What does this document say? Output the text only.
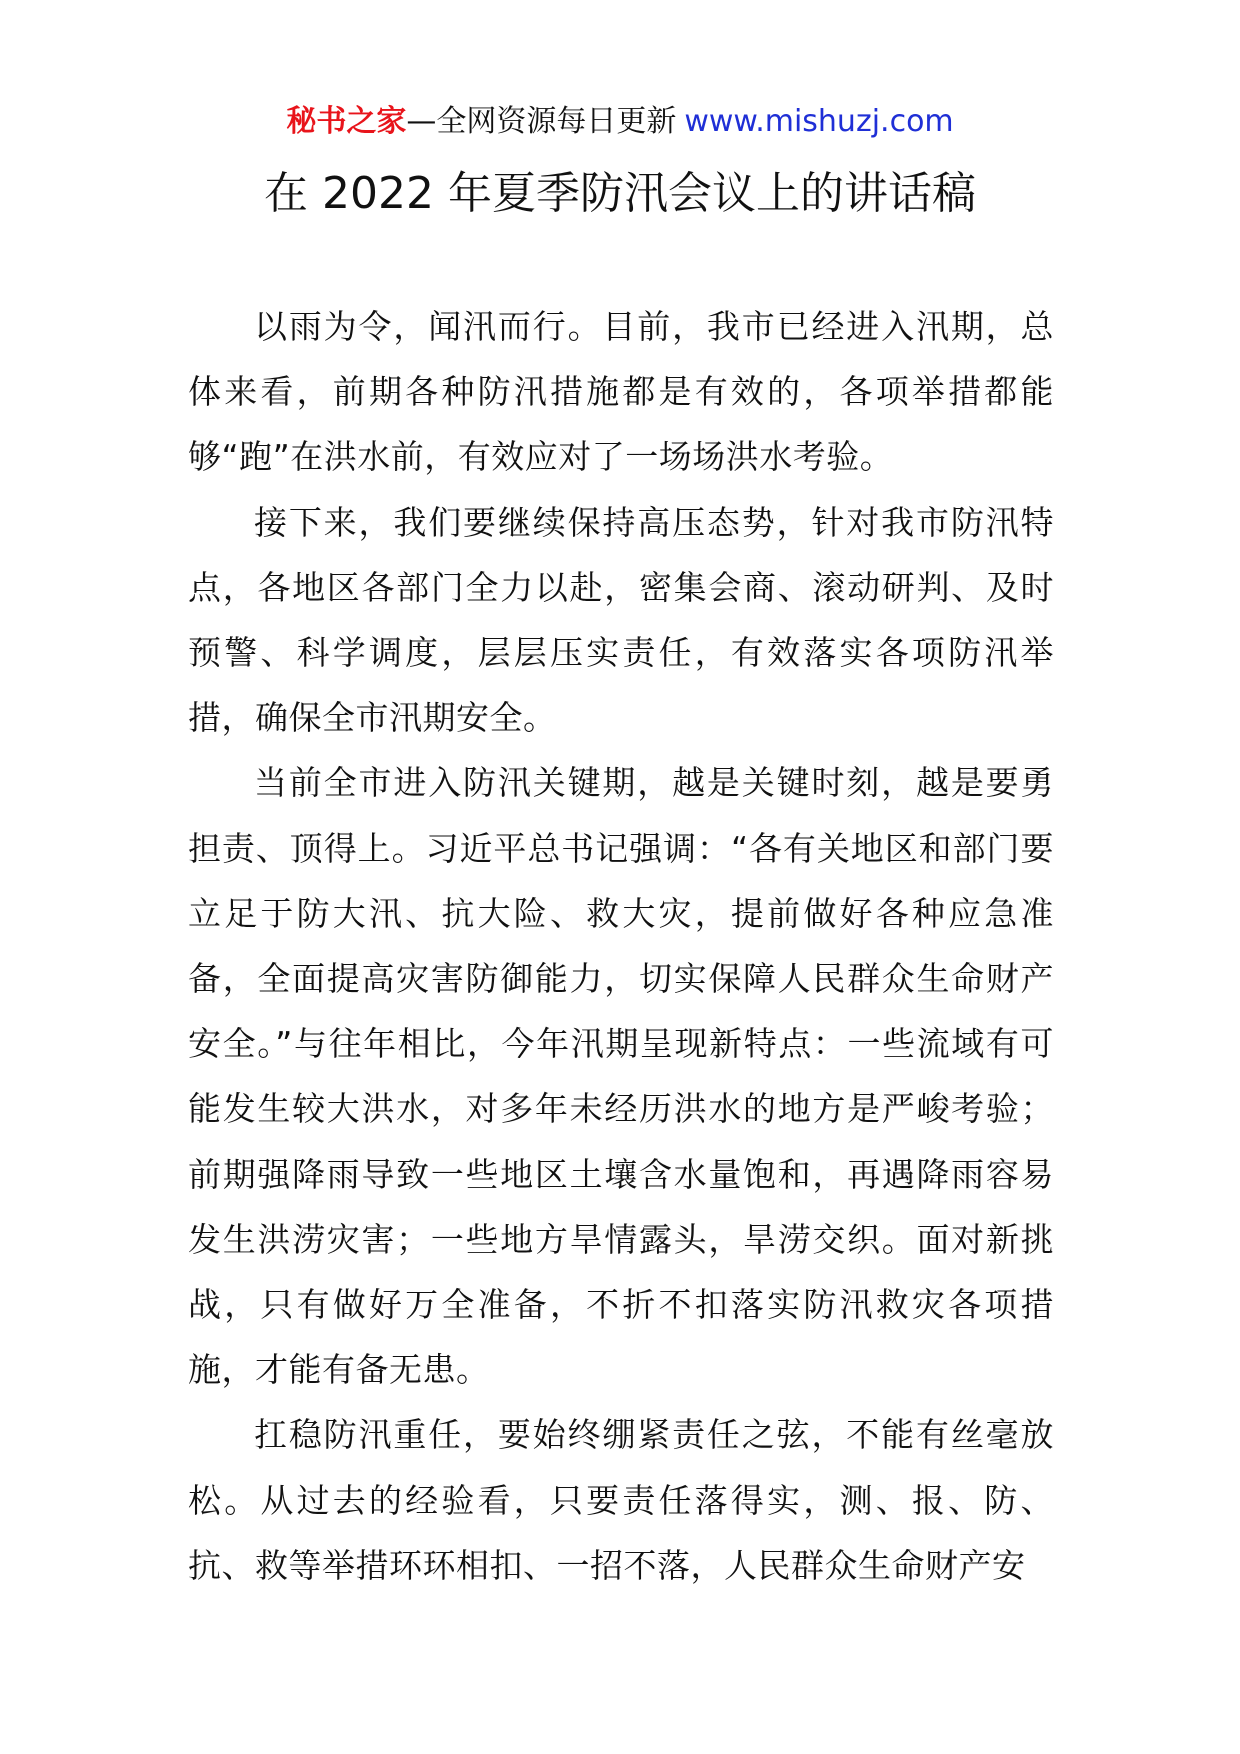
秘书之家—全网资源每日更新 www.mishuzj.com
在 2022 年夏季防汛会议上的讲话稿

以雨为令，闻汛而行。目前，我市已经进入汛期，总体来看，前期各种防汛措施都是有效的，各项举措都能够“跑”在洪水前，有效应对了一场场洪水考验。

接下来，我们要继续保持高压态势，针对我市防汛特点，各地区各部门全力以赴，密集会商、滚动研判、及时预警、科学调度，层层压实责任，有效落实各项防汛举措，确保全市汛期安全。

当前全市进入防汛关键期，越是关键时刻，越是要勇担责、顶得上。习近平总书记强调：“各有关地区和部门要立足于防大汛、抗大险、救大灾，提前做好各种应急准备，全面提高灾害防御能力，切实保障人民群众生命财产安全。”与往年相比，今年汛期呈现新特点：一些流域有可能发生较大洪水，对多年未经历洪水的地方是严峻考验；前期强降雨导致一些地区土壤含水量饱和，再遇降雨容易发生洪涝灾害；一些地方旱情露头，旱涝交织。面对新挑战，只有做好万全准备，不折不扣落实防汛救灾各项措施，才能有备无患。

扛稳防汛重任，要始终绷紧责任之弦，不能有丝毫放松。从过去的经验看，只要责任落得实，测、报、防、抗、救等举措环环相扣、一招不落，人民群众生命财产安
